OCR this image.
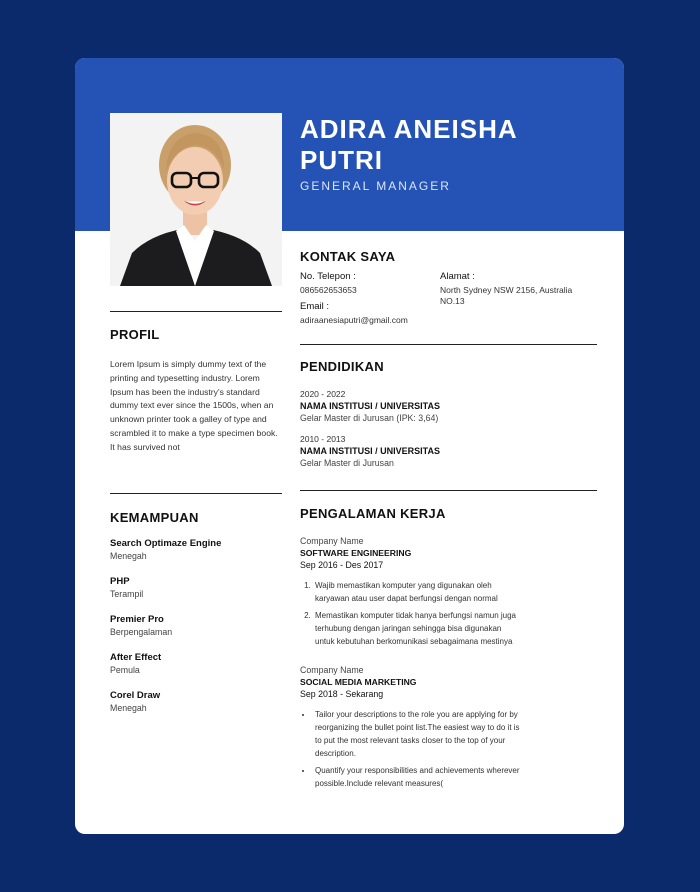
ADIRA ANEISHA PUTRI
GENERAL MANAGER
PROFIL

Lorem Ipsum is simply dummy text of the printing and typesetting industry. Lorem Ipsum has been the industry's standard dummy text ever since the 1500s, when an unknown printer took a galley of type and scrambled it to make a type specimen book. It has survived not

KEMAMPUAN
Search Optimaze Engine
Menegah
PHP
Terampil
Premier Pro
Berpengalaman
After Effect
Pemula
Corel Draw
Menegah
KONTAK SAYA
No. Telepon :
086562653653
Email :
adiraanesiaputri@gmail.com
Alamat :
North Sydney NSW 2156, Australia NO.13
PENDIDIKAN
2020 - 2022
NAMA INSTITUSI / UNIVERSITAS
Gelar Master di Jurusan (IPK: 3,64)
2010 - 2013
NAMA INSTITUSI / UNIVERSITAS
Gelar Master di Jurusan
PENGALAMAN KERJA
Company Name
SOFTWARE ENGINEERING
Sep 2016 - Des 2017
1. Wajib memastikan komputer yang digunakan oleh karyawan atau user dapat berfungsi dengan normal
2. Memastikan komputer tidak hanya berfungsi namun juga terhubung dengan jaringan sehingga bisa digunakan untuk kebutuhan berkomunikasi sebagaimana mestinya
Company Name
SOCIAL MEDIA MARKETING
Sep 2018 - Sekarang
• Tailor your descriptions to the role you are applying for by reorganizing the bullet point list.The easiest way to do it is to put the most relevant tasks closer to the top of your description.
• Quantify your responsibilities and achievements wherever possible.Include relevant measures(
